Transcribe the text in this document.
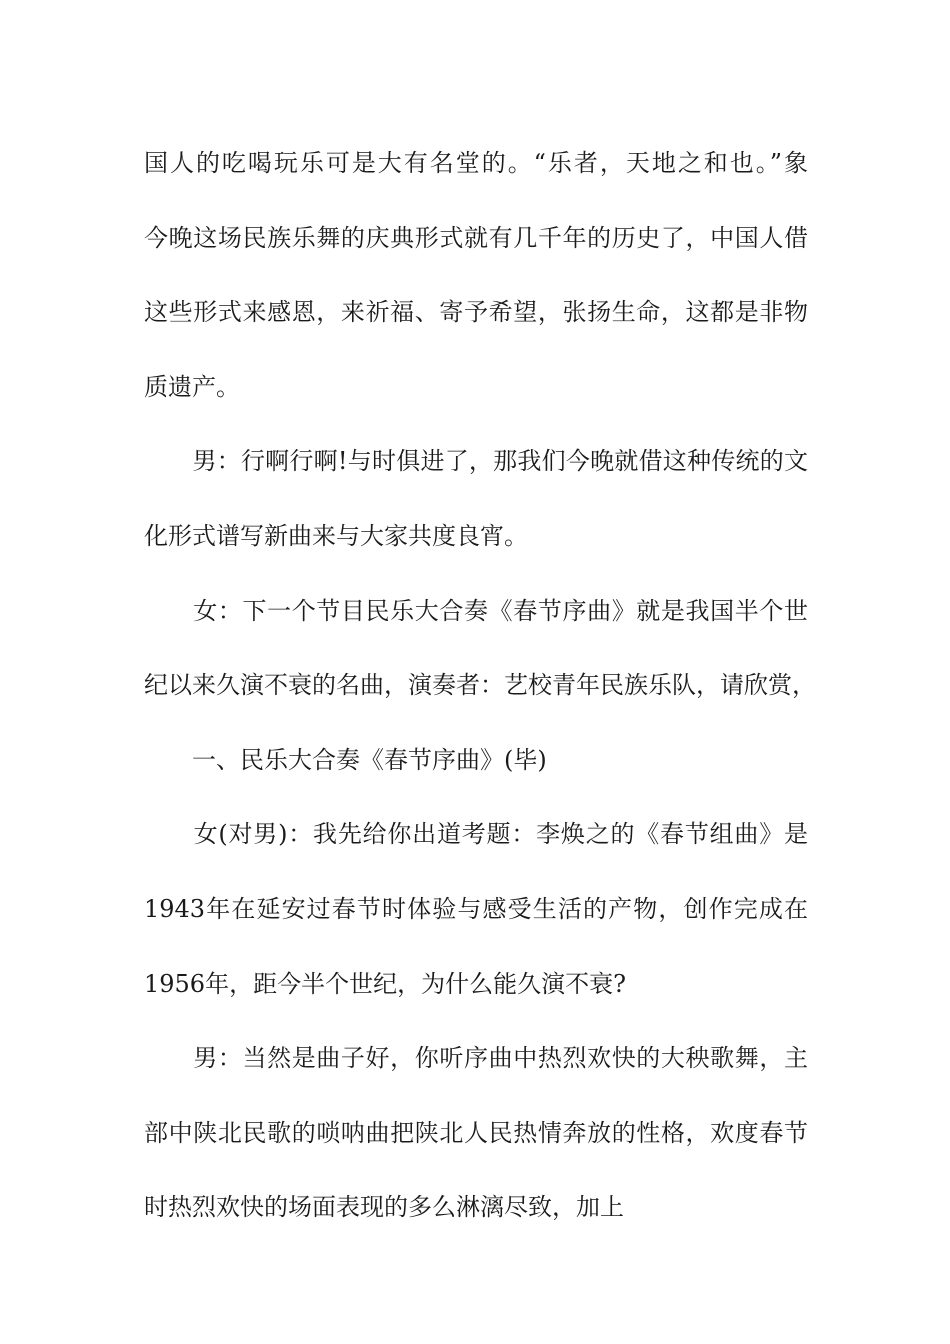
国人的吃喝玩乐可是大有名堂的。“乐者，天地之和也。”象
今晚这场民族乐舞的庆典形式就有几千年的历史了，中国人借
这些形式来感恩，来祈福、寄予希望，张扬生命，这都是非物
质遗产。
　　男：行啊行啊!与时俱进了，那我们今晚就借这种传统的文
化形式谱写新曲来与大家共度良宵。
　　女：下一个节目民乐大合奏《春节序曲》就是我国半个世
纪以来久演不衰的名曲，演奏者：艺校青年民族乐队，请欣赏，
　　一、民乐大合奏《春节序曲》(毕)
　　女(对男)：我先给你出道考题：李焕之的《春节组曲》是
1943年在延安过春节时体验与感受生活的产物，创作完成在
1956年，距今半个世纪，为什么能久演不衰?
　　男：当然是曲子好，你听序曲中热烈欢快的大秧歌舞，主
部中陕北民歌的唢呐曲把陕北人民热情奔放的性格，欢度春节
时热烈欢快的场面表现的多么淋漓尽致，加上
